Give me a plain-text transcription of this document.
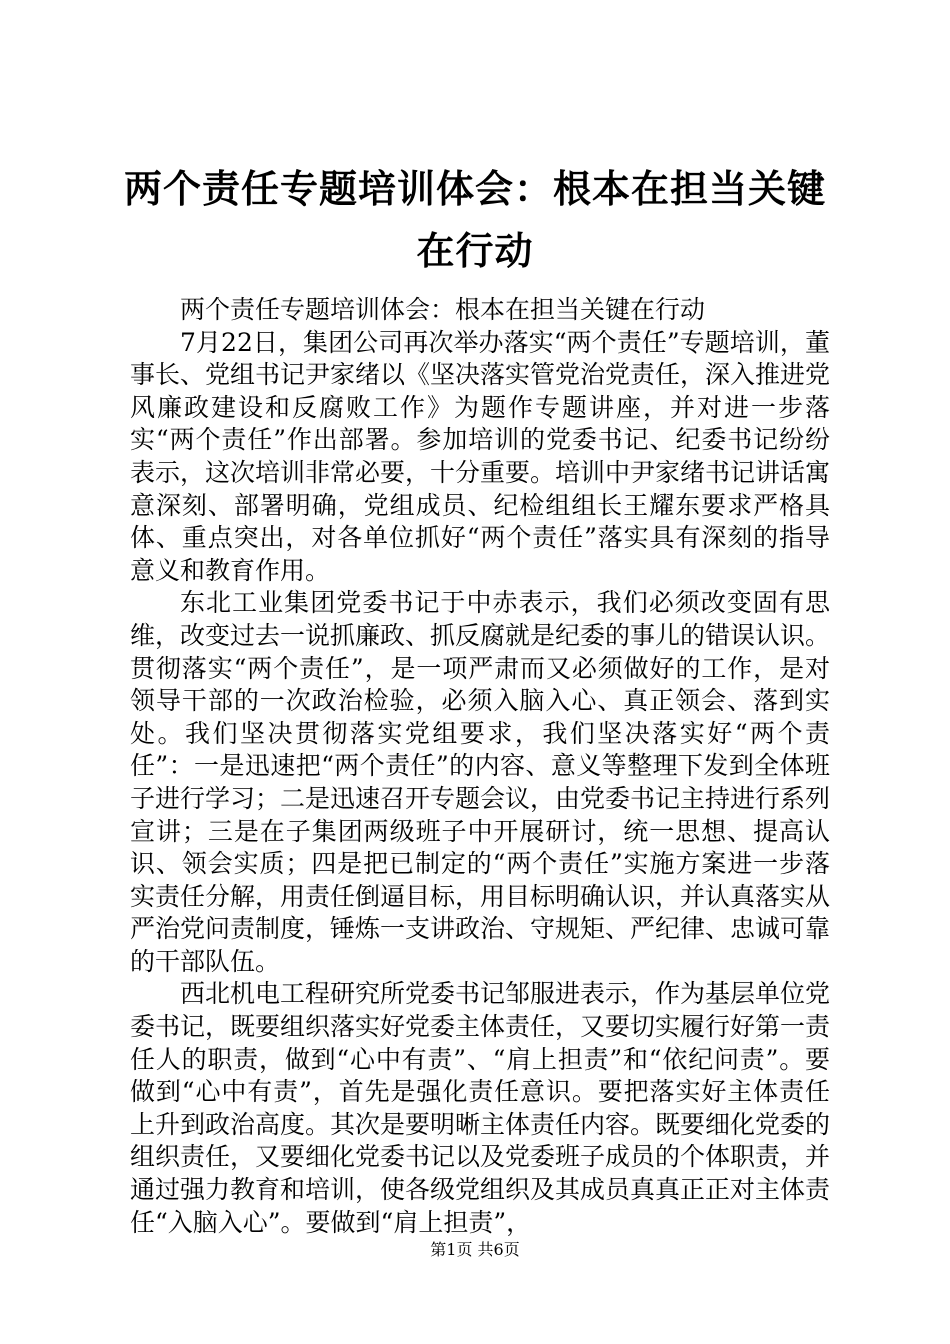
两个责任专题培训体会：根本在担当关键在行动

两个责任专题培训体会：根本在担当关键在行动

7月22日，集团公司再次举办落实“两个责任”专题培训，董事长、党组书记尹家绪以《坚决落实管党治党责任，深入推进党风廉政建设和反腐败工作》为题作专题讲座，并对进一步落实“两个责任”作出部署。参加培训的党委书记、纪委书记纷纷表示，这次培训非常必要，十分重要。培训中尹家绪书记讲话寓意深刻、部署明确，党组成员、纪检组组长王耀东要求严格具体、重点突出，对各单位抓好“两个责任”落实具有深刻的指导意义和教育作用。

东北工业集团党委书记于中赤表示，我们必须改变固有思维，改变过去一说抓廉政、抓反腐就是纪委的事儿的错误认识。贯彻落实“两个责任”，是一项严肃而又必须做好的工作，是对领导干部的一次政治检验，必须入脑入心、真正领会、落到实处。我们坚决贯彻落实党组要求，我们坚决落实好“两个责任”：一是迅速把“两个责任”的内容、意义等整理下发到全体班子进行学习；二是迅速召开专题会议，由党委书记主持进行系列宣讲；三是在子集团两级班子中开展研讨，统一思想、提高认识、领会实质；四是把已制定的“两个责任”实施方案进一步落实责任分解，用责任倒逼目标，用目标明确认识，并认真落实从严治党问责制度，锤炼一支讲政治、守规矩、严纪律、忠诚可靠的干部队伍。

西北机电工程研究所党委书记邹服进表示，作为基层单位党委书记，既要组织落实好党委主体责任，又要切实履行好第一责任人的职责，做到“心中有责”、“肩上担责”和“依纪问责”。要做到“心中有责”，首先是强化责任意识。要把落实好主体责任上升到政治高度。其次是要明晰主体责任内容。既要细化党委的组织责任，又要细化党委书记以及党委班子成员的个体职责，并通过强力教育和培训，使各级党组织及其成员真真正正对主体责任“入脑入心”。要做到“肩上担责”，

第1页 共6页
